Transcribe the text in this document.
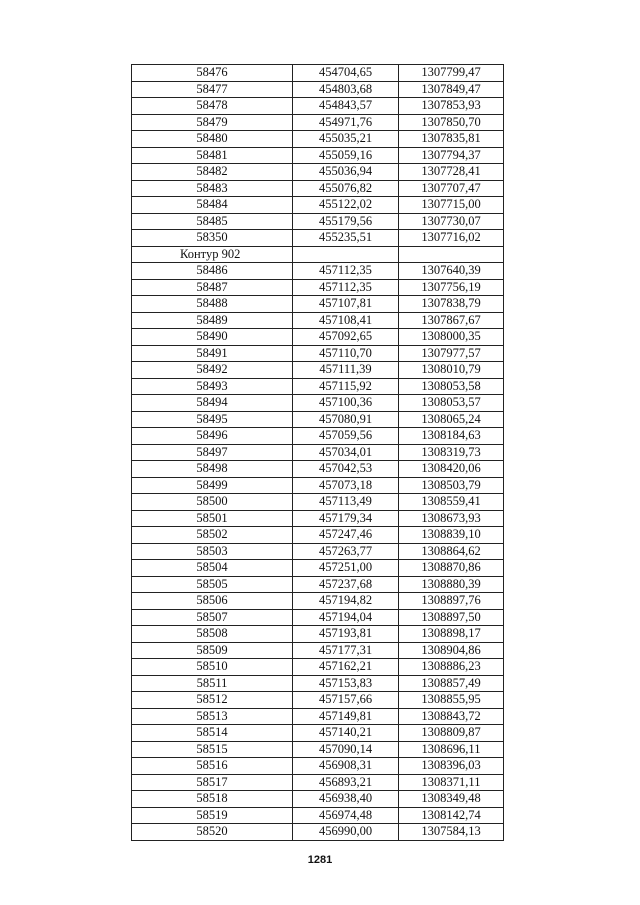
58476	454704,65	1307799,47
58477	454803,68	1307849,47
58478	454843,57	1307853,93
58479	454971,76	1307850,70
58480	455035,21	1307835,81
58481	455059,16	1307794,37
58482	455036,94	1307728,41
58483	455076,82	1307707,47
58484	455122,02	1307715,00
58485	455179,56	1307730,07
58350	455235,51	1307716,02
Контур 902		
58486	457112,35	1307640,39
58487	457112,35	1307756,19
58488	457107,81	1307838,79
58489	457108,41	1307867,67
58490	457092,65	1308000,35
58491	457110,70	1307977,57
58492	457111,39	1308010,79
58493	457115,92	1308053,58
58494	457100,36	1308053,57
58495	457080,91	1308065,24
58496	457059,56	1308184,63
58497	457034,01	1308319,73
58498	457042,53	1308420,06
58499	457073,18	1308503,79
58500	457113,49	1308559,41
58501	457179,34	1308673,93
58502	457247,46	1308839,10
58503	457263,77	1308864,62
58504	457251,00	1308870,86
58505	457237,68	1308880,39
58506	457194,82	1308897,76
58507	457194,04	1308897,50
58508	457193,81	1308898,17
58509	457177,31	1308904,86
58510	457162,21	1308886,23
58511	457153,83	1308857,49
58512	457157,66	1308855,95
58513	457149,81	1308843,72
58514	457140,21	1308809,87
58515	457090,14	1308696,11
58516	456908,31	1308396,03
58517	456893,21	1308371,11
58518	456938,40	1308349,48
58519	456974,48	1308142,74
58520	456990,00	1307584,13
1281
